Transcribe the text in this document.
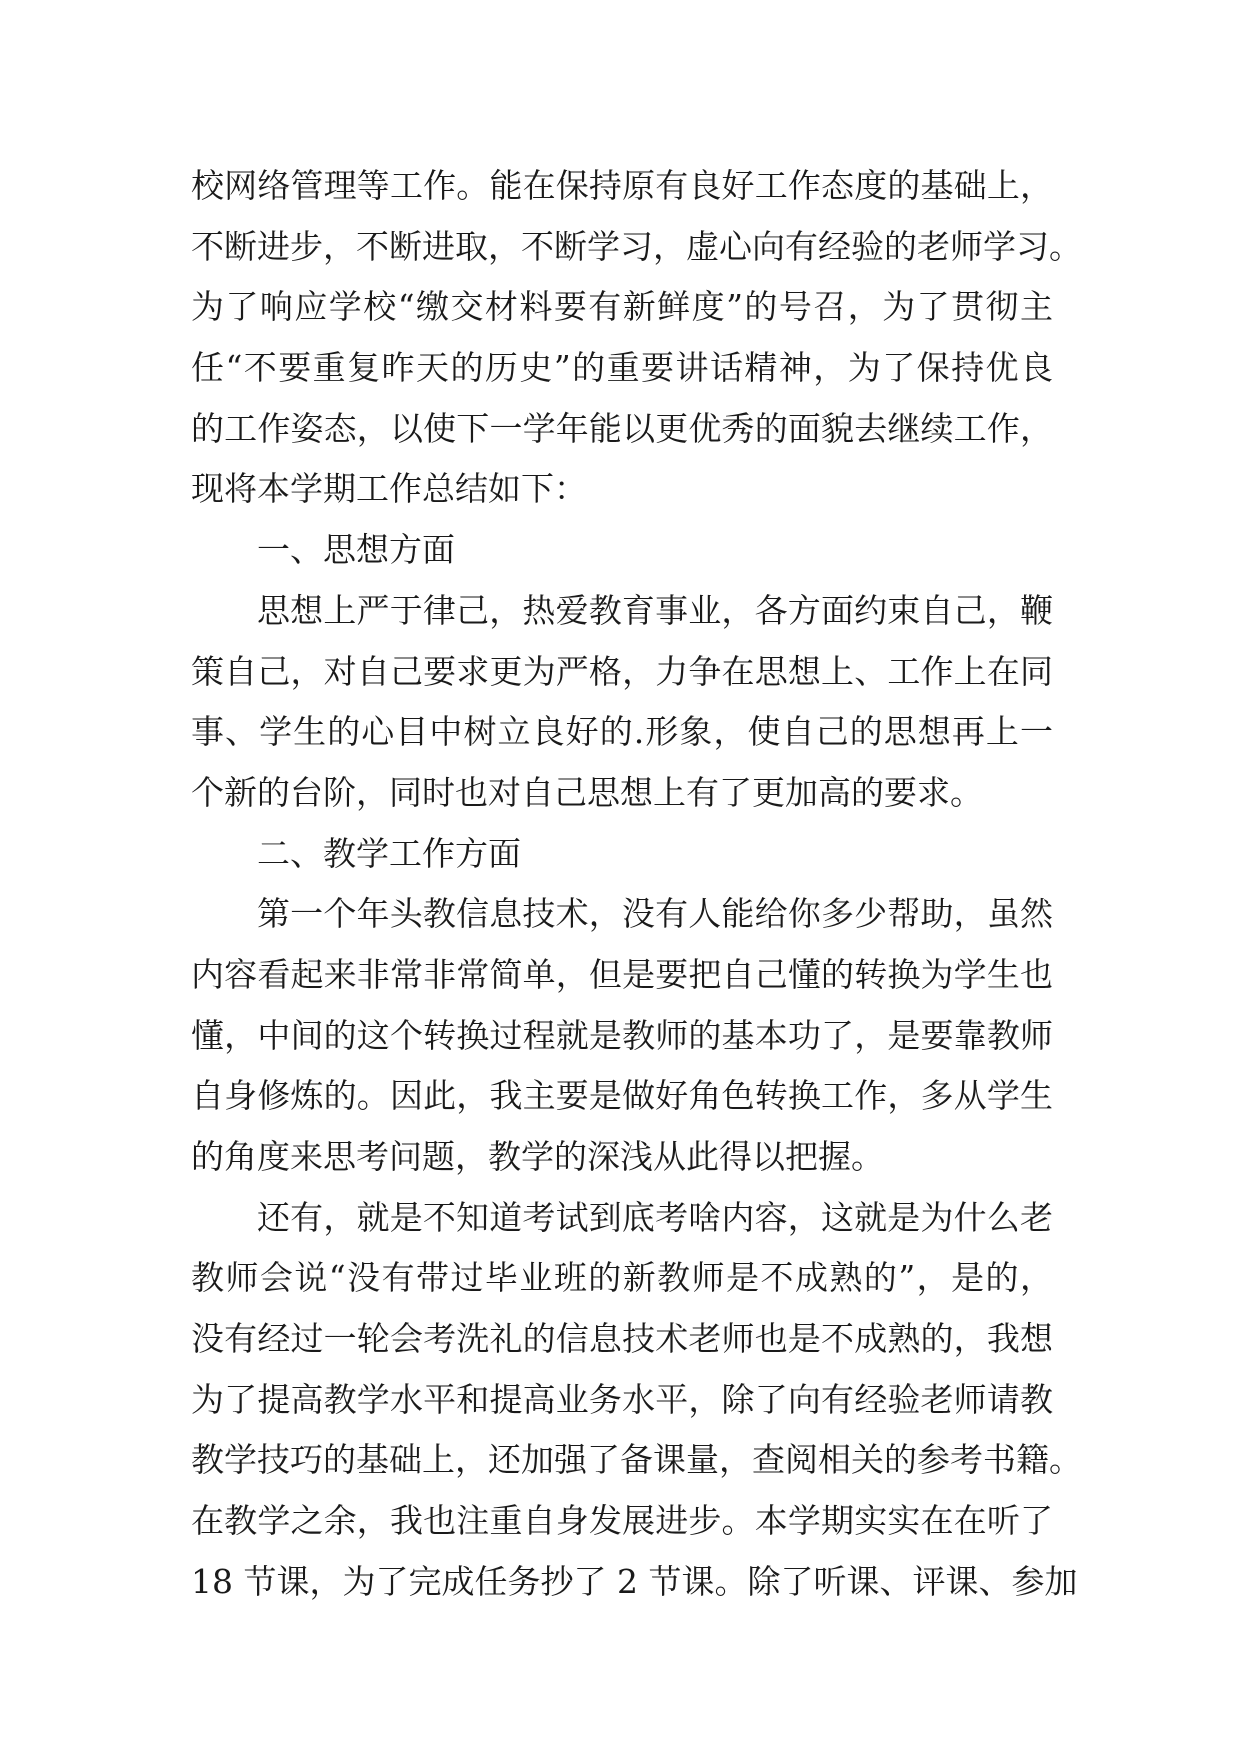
校网络管理等工作。能在保持原有良好工作态度的基础上，
不断进步，不断进取，不断学习，虚心向有经验的老师学习。
为了响应学校“缴交材料要有新鲜度”的号召，为了贯彻主
任“不要重复昨天的历史”的重要讲话精神，为了保持优良
的工作姿态，以使下一学年能以更优秀的面貌去继续工作，
现将本学期工作总结如下：
一、思想方面
思想上严于律己，热爱教育事业，各方面约束自己，鞭
策自己，对自己要求更为严格，力争在思想上、工作上在同
事、学生的心目中树立良好的.形象，使自己的思想再上一
个新的台阶，同时也对自己思想上有了更加高的要求。
二、教学工作方面
第一个年头教信息技术，没有人能给你多少帮助，虽然
内容看起来非常非常简单，但是要把自己懂的转换为学生也
懂，中间的这个转换过程就是教师的基本功了，是要靠教师
自身修炼的。因此，我主要是做好角色转换工作，多从学生
的角度来思考问题，教学的深浅从此得以把握。
还有，就是不知道考试到底考啥内容，这就是为什么老
教师会说“没有带过毕业班的新教师是不成熟的”，是的，
没有经过一轮会考洗礼的信息技术老师也是不成熟的，我想
为了提高教学水平和提高业务水平，除了向有经验老师请教
教学技巧的基础上，还加强了备课量，查阅相关的参考书籍。
在教学之余，我也注重自身发展进步。本学期实实在在听了
18 节课，为了完成任务抄了 2 节课。除了听课、评课、参加
